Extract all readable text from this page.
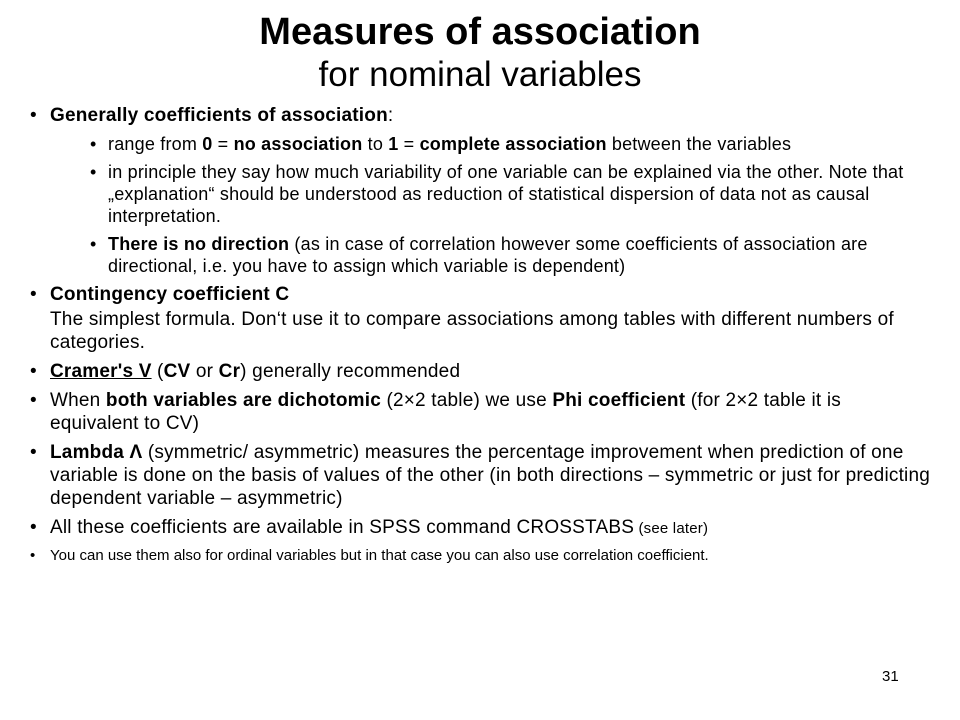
Measures of association
for nominal variables
• Generally coefficients of association:
• range from 0 = no association to 1 = complete association between the variables
• in principle they say how much variability of one variable can be explained via the other. Note that „explanation“ should be understood as reduction of statistical dispersion of data not as causal interpretation.
• There is no direction (as in case of correlation however some coefficients of association are directional, i.e. you have to assign which variable is dependent)
• Contingency coefficient C
The simplest formula. Don‘t use it to compare associations among tables with different numbers of categories.
• Cramer's V (CV or Cr) generally recommended
• When both variables are dichotomic (2×2 table) we use Phi coefficient (for 2×2 table it is equivalent to CV)
• Lambda Λ (symmetric/ asymmetric) measures the percentage improvement when prediction of one variable is done on the basis of values of the other (in both directions – symmetric or just for predicting dependent variable – asymmetric)
• All these coefficients are available in SPSS command CROSSTABS (see later)
• You can use them also for ordinal variables but in that case you can also use correlation coefficient.
31
